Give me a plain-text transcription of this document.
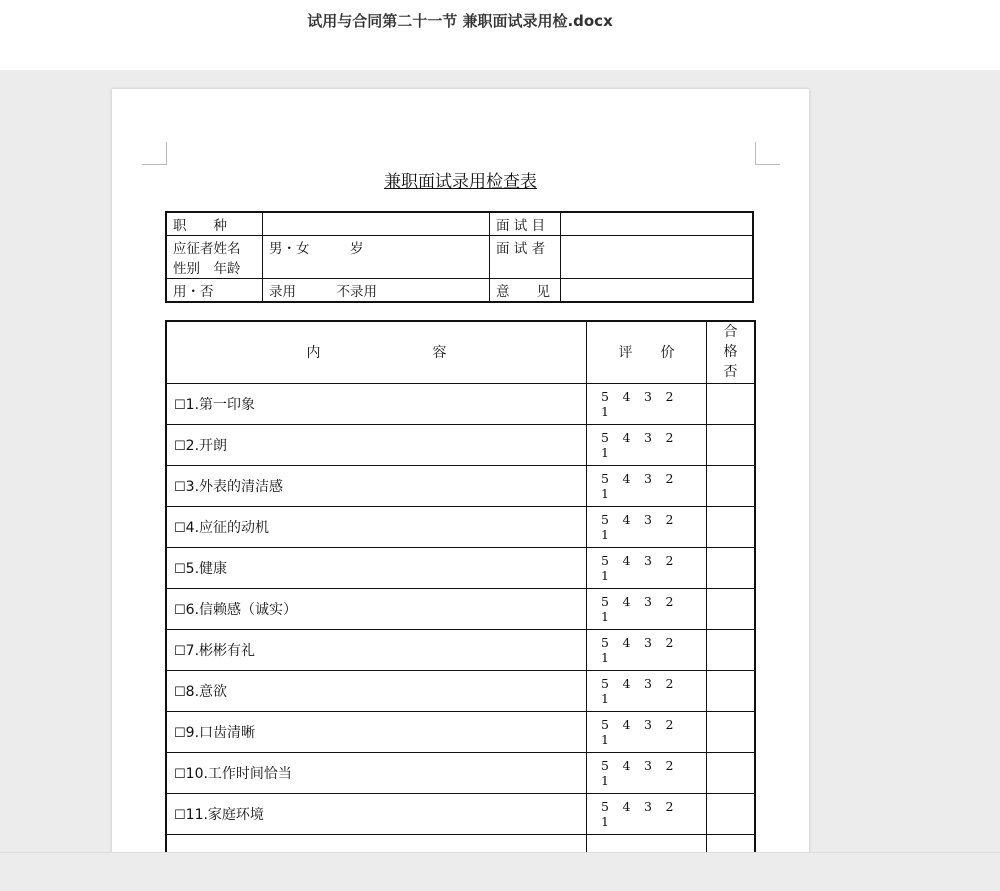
试用与合同第二十一节 兼职面试录用检.docx
兼职面试录用检查表
职　　种		面 试 目	

应征者姓名
性别　年龄	男・女　　　岁	面 试 者	
用・否	录用　　　不录用	意　　见	
内　　　　　　　　容	评　　价	合
格
否

☐1.第一印象	5 4 3 21	
☐2.开朗	5 4 3 21	
☐3.外表的清洁感	5 4 3 21	
☐4.应征的动机	5 4 3 21	
☐5.健康	5 4 3 21	
☐6.信赖感（诚实）	5 4 3 21	
☐7.彬彬有礼	5 4 3 21	
☐8.意欲	5 4 3 21	
☐9.口齿清晰	5 4 3 21	
☐10.工作时间恰当	5 4 3 21	
☐11.家庭环境	5 4 3 21	
